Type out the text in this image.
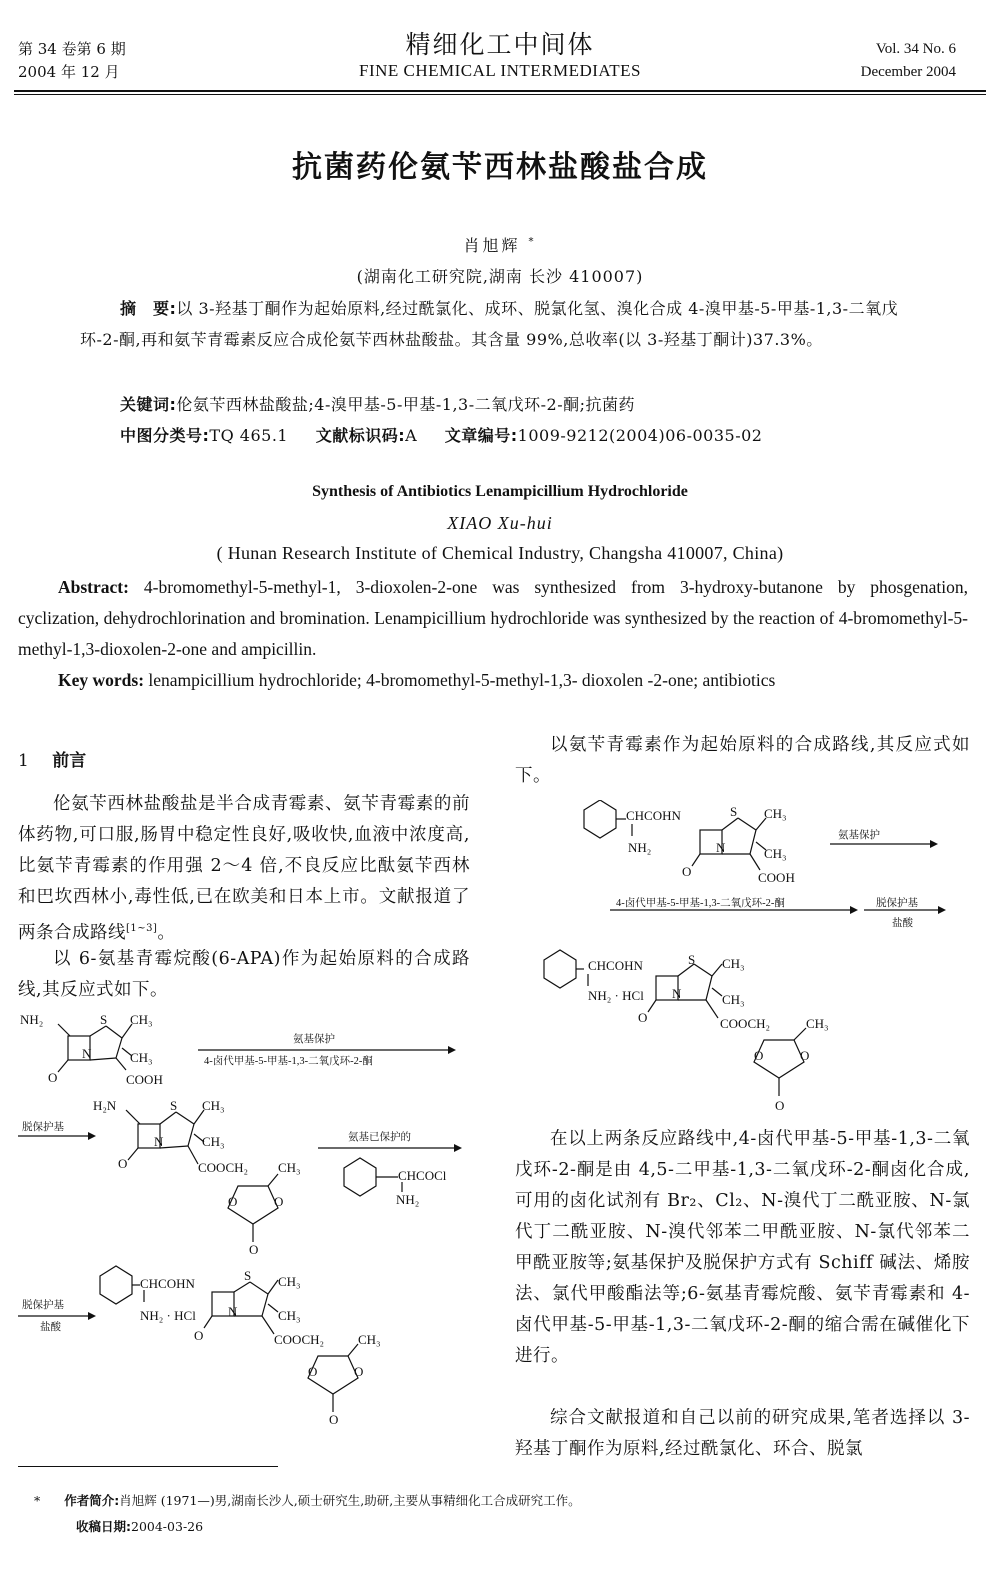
第 34 卷第 6 期
2004 年 12 月
精细化工中间体
FINE CHEMICAL INTERMEDIATES
Vol. 34 No. 6
December 2004
抗菌药伦氨苄西林盐酸盐合成
肖旭辉 *
(湖南化工研究院,湖南 长沙 410007)
摘　要:以 3-羟基丁酮作为起始原料,经过酰氯化、成环、脱氯化氢、溴化合成 4-溴甲基-5-甲基-1,3-二氧戊环-2-酮,再和氨苄青霉素反应合成伦氨苄西林盐酸盐。其含量 99%,总收率(以 3-羟基丁酮计)37.3%。
关键词:伦氨苄西林盐酸盐;4-溴甲基-5-甲基-1,3-二氧戊环-2-酮;抗菌药
中图分类号:TQ 465.1 文献标识码:A 文章编号:1009-9212(2004)06-0035-02
Synthesis of Antibiotics Lenampicillium Hydrochloride
XIAO Xu-hui
( Hunan Research Institute of Chemical Industry, Changsha 410007, China)
Abstract: 4-bromomethyl-5-methyl-1, 3-dioxolen-2-one was synthesized from 3-hydroxy-butanone by phosgenation, cyclization, dehydrochlorination and bromination. Lenampicillium hydrochloride was synthesized by the reaction of 4-bromomethyl-5-methyl-1,3-dioxolen-2-one and ampicillin.
Key words: lenampicillium hydrochloride; 4-bromomethyl-5-methyl-1,3- dioxolen -2-one; antibiotics
1 前言
伦氨苄西林盐酸盐是半合成青霉素、氨苄青霉素的前体药物,可口服,肠胃中稳定性良好,吸收快,血液中浓度高,比氨苄青霉素的作用强 2～4 倍,不良反应比酞氨苄西林和巴坎西林小,毒性低,已在欧美和日本上市。文献报道了两条合成路线[1~3]。
以 6-氨基青霉烷酸(6-APA)作为起始原料的合成路线,其反应式如下。
NH₂	S CH₃
N	CH₃
O	COOH
H₂N	S CH₃
N	CH₃
O	COOCH₂ CH₃
O	O
O
CHCOCl
NH₂
CHCOHN
S CH₃
NH₂ · HCl N	CH₃
O	COOCH₂	CH₃
O	O
O
氨基保护
4-卤代甲基-5-甲基-1,3-二氧戊环-2-酮
脱保护基
氨基已保护的
脱保护基
盐酸
以氨苄青霉素作为起始原料的合成路线,其反应式如下。
CHCOHN	S CH₃
NH₂	N	CH₃
O	COOH
CHCOHN	S CH₃
NH₂ · HCl N	CH₃
O	COOCH₂	CH₃
O	O
O
氨基保护
4-卤代甲基-5-甲基-1,3-二氧戊环-2-酮	脱保护基
盐酸
在以上两条反应路线中,4-卤代甲基-5-甲基-1,3-二氧戊环-2-酮是由 4,5-二甲基-1,3-二氧戊环-2-酮卤化合成,可用的卤化试剂有 Br₂、Cl₂、N-溴代丁二酰亚胺、N-氯代丁二酰亚胺、N-溴代邻苯二甲酰亚胺、N-氯代邻苯二甲酰亚胺等;氨基保护及脱保护方式有 Schiff 碱法、烯胺法、氯代甲酸酯法等;6-氨基青霉烷酸、氨苄青霉素和 4-卤代甲基-5-甲基-1,3-二氧戊环-2-酮的缩合需在碱催化下进行。
综合文献报道和自己以前的研究成果,笔者选择以 3-羟基丁酮作为原料,经过酰氯化、环合、脱氯
* 作者简介:肖旭辉 (1971—)男,湖南长沙人,硕士研究生,助研,主要从事精细化工合成研究工作。
收稿日期:2004-03-26
